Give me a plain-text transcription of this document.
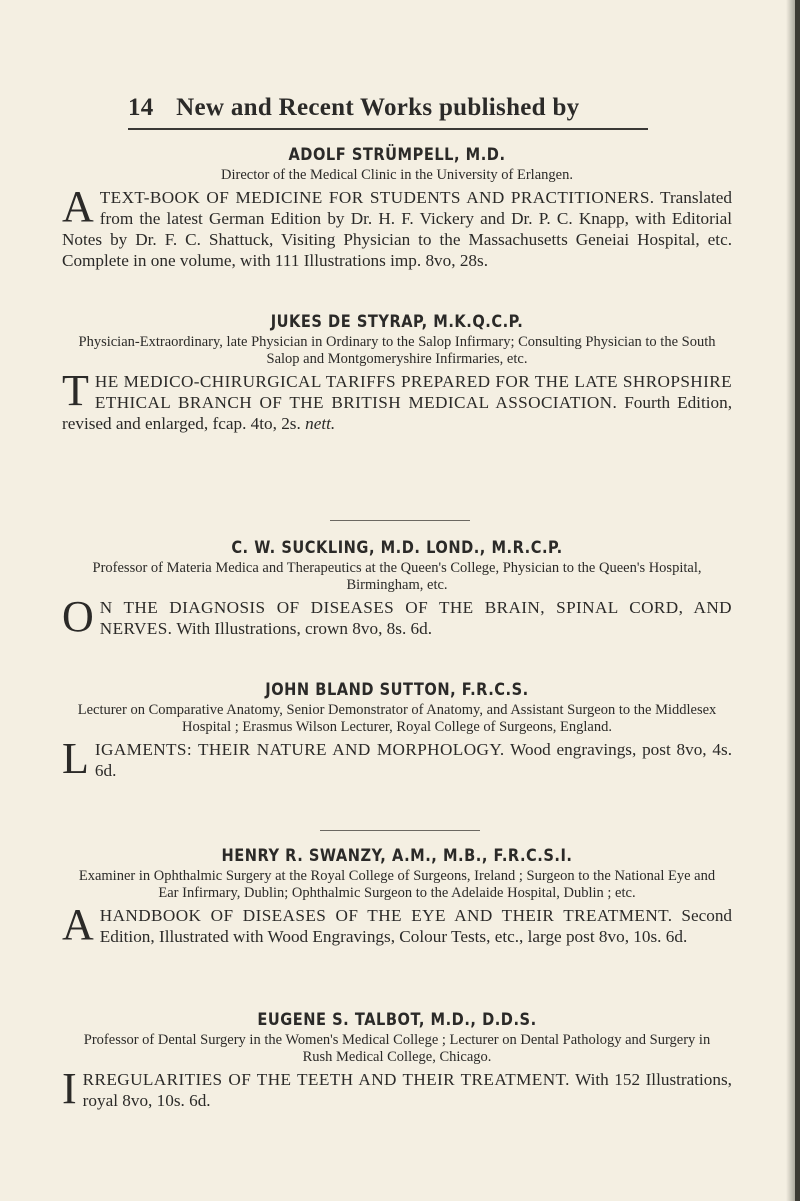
14 New and Recent Works published by
ADOLF STRÜMPELL, M.D.
Director of the Medical Clinic in the University of Erlangen.

A TEXT-BOOK OF MEDICINE FOR STUDENTS AND PRACTITIONERS. Translated from the latest German Edition by Dr. H. F. Vickery and Dr. P. C. Knapp, with Editorial Notes by Dr. F. C. Shattuck, Visiting Physician to the Massachusetts Geneiai Hospital, etc. Complete in one volume, with 111 Illustrations imp. 8vo, 28s.

JUKES DE STYRAP, M.K.Q.C.P.
Physician-Extraordinary, late Physician in Ordinary to the Salop Infirmary; Consulting Physician to the South Salop and Montgomeryshire Infirmaries, etc.

T HE MEDICO-CHIRURGICAL TARIFFS PREPARED FOR THE LATE SHROPSHIRE ETHICAL BRANCH OF THE BRITISH MEDICAL ASSOCIATION. Fourth Edition, revised and enlarged, fcap. 4to, 2s. nett.

C. W. SUCKLING, M.D. LOND., M.R.C.P.
Professor of Materia Medica and Therapeutics at the Queen's College, Physician to the Queen's Hospital, Birmingham, etc.

O N THE DIAGNOSIS OF DISEASES OF THE BRAIN, SPINAL CORD, AND NERVES. With Illustrations, crown 8vo, 8s. 6d.

JOHN BLAND SUTTON, F.R.C.S.
Lecturer on Comparative Anatomy, Senior Demonstrator of Anatomy, and Assistant Surgeon to the Middlesex Hospital ; Erasmus Wilson Lecturer, Royal College of Surgeons, England.

L IGAMENTS: THEIR NATURE AND MORPHOLOGY. Wood engravings, post 8vo, 4s. 6d.

HENRY R. SWANZY, A.M., M.B., F.R.C.S.I.
Examiner in Ophthalmic Surgery at the Royal College of Surgeons, Ireland ; Surgeon to the National Eye and Ear Infirmary, Dublin; Ophthalmic Surgeon to the Adelaide Hospital, Dublin ; etc.

A HANDBOOK OF DISEASES OF THE EYE AND THEIR TREATMENT. Second Edition, Illustrated with Wood Engravings, Colour Tests, etc., large post 8vo, 10s. 6d.

EUGENE S. TALBOT, M.D., D.D.S.
Professor of Dental Surgery in the Women's Medical College ; Lecturer on Dental Pathology and Surgery in Rush Medical College, Chicago.

I RREGULARITIES OF THE TEETH AND THEIR TREATMENT. With 152 Illustrations, royal 8vo, 10s. 6d.
